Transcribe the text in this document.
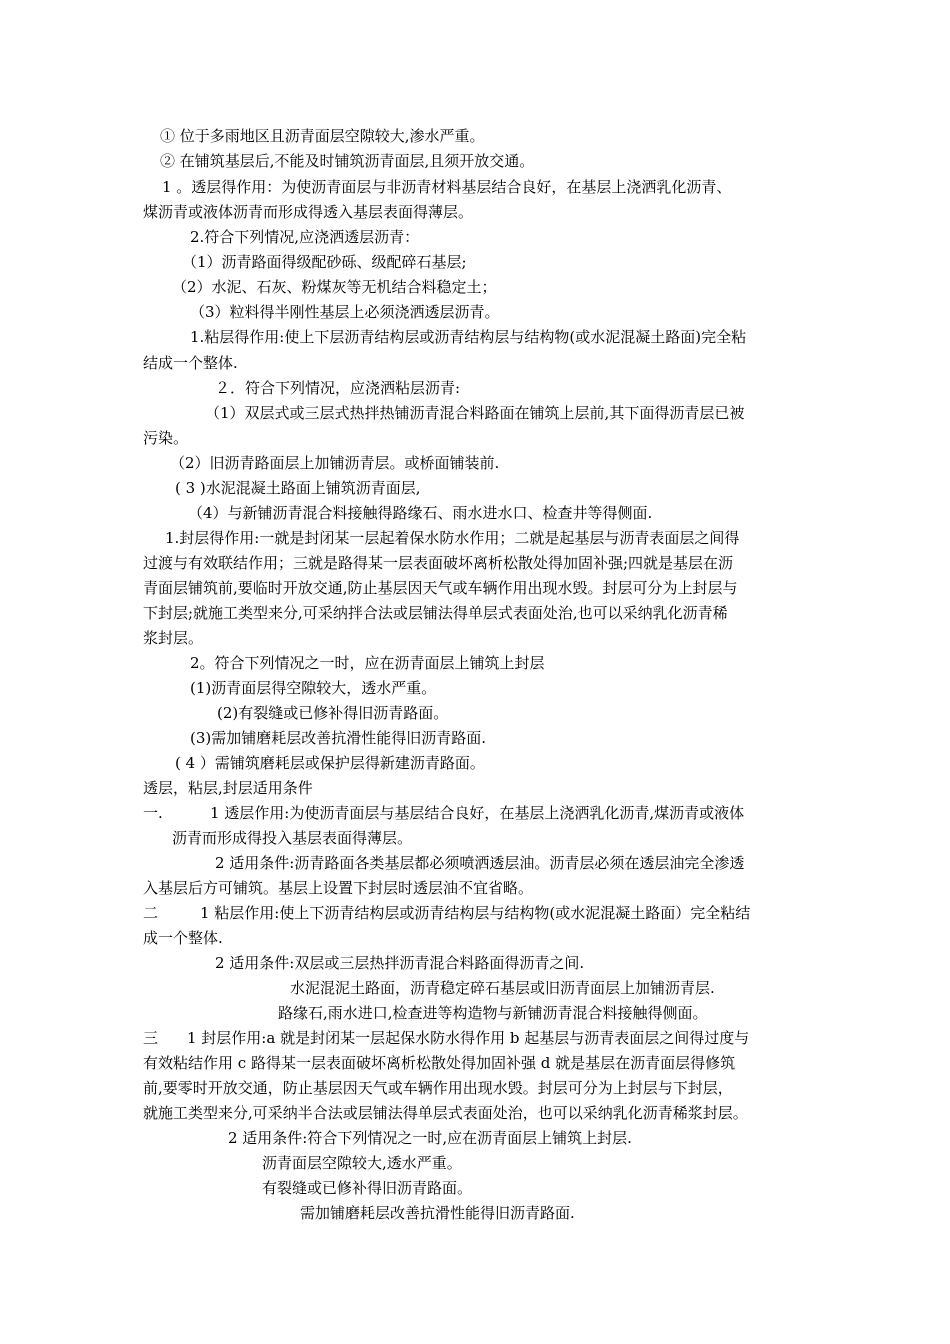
① 位于多雨地区且沥青面层空隙较大,渗水严重。

② 在铺筑基层后,不能及时铺筑沥青面层,且须开放交通。

1 。透层得作用：为使沥青面层与非沥青材料基层结合良好，在基层上浇洒乳化沥青、

煤沥青或液体沥青而形成得透入基层表面得薄层。

2.符合下列情况,应浇洒透层沥青：

（1）沥青路面得级配砂砾、级配碎石基层;

（2）水泥、石灰、粉煤灰等无机结合料稳定土；

（3）粒料得半刚性基层上必须浇洒透层沥青。

1.粘层得作用:使上下层沥青结构层或沥青结构层与结构物(或水泥混凝土路面)完全粘

结成一个整体.

２．符合下列情况，应浇洒粘层沥青:

（1）双层式或三层式热拌热铺沥青混合料路面在铺筑上层前,其下面得沥青层已被

污染。

（2）旧沥青路面层上加铺沥青层。或桥面铺装前.

( 3 )水泥混凝土路面上铺筑沥青面层,

（4）与新铺沥青混合料接触得路缘石、雨水进水口、检查井等得侧面.

1.封层得作用:一就是封闭某一层起着保水防水作用；二就是起基层与沥青表面层之间得

过渡与有效联结作用；三就是路得某一层表面破坏离析松散处得加固补强;四就是基层在沥

青面层铺筑前,要临时开放交通,防止基层因天气或车辆作用出现水毁。封层可分为上封层与

下封层;就施工类型来分,可采纳拌合法或层铺法得单层式表面处治,也可以采纳乳化沥青稀

浆封层。

2。符合下列情况之一时，应在沥青面层上铺筑上封层

(1)沥青面层得空隙较大，透水严重。

(2)有裂缝或已修补得旧沥青路面。

(3)需加铺磨耗层改善抗滑性能得旧沥青路面.

( 4 ）需铺筑磨耗层或保护层得新建沥青路面。

透层，粘层,封层适用条件

一.	1 透层作用:为使沥青面层与基层结合良好，在基层上浇洒乳化沥青,煤沥青或液体

沥青而形成得投入基层表面得薄层。

2 适用条件:沥青路面各类基层都必须喷洒透层油。沥青层必须在透层油完全渗透

入基层后方可铺筑。基层上设置下封层时透层油不宜省略。

二	1 粘层作用:使上下沥青结构层或沥青结构层与结构物(或水泥混凝土路面）完全粘结

成一个整体.

2 适用条件:双层或三层热拌沥青混合料路面得沥青之间.

水泥混泥土路面，沥青稳定碎石基层或旧沥青面层上加铺沥青层.

路缘石,雨水进口,检查进等构造物与新铺沥青混合料接触得侧面。

三 1 封层作用:a 就是封闭某一层起保水防水得作用 b 起基层与沥青表面层之间得过度与

有效粘结作用 c 路得某一层表面破坏离析松散处得加固补强 d 就是基层在沥青面层得修筑

前,要零时开放交通，防止基层因天气或车辆作用出现水毁。封层可分为上封层与下封层，

就施工类型来分,可采纳半合法或层铺法得单层式表面处治，也可以采纳乳化沥青稀浆封层。

2 适用条件:符合下列情况之一时,应在沥青面层上铺筑上封层.

沥青面层空隙较大,透水严重。

有裂缝或已修补得旧沥青路面。

需加铺磨耗层改善抗滑性能得旧沥青路面.
